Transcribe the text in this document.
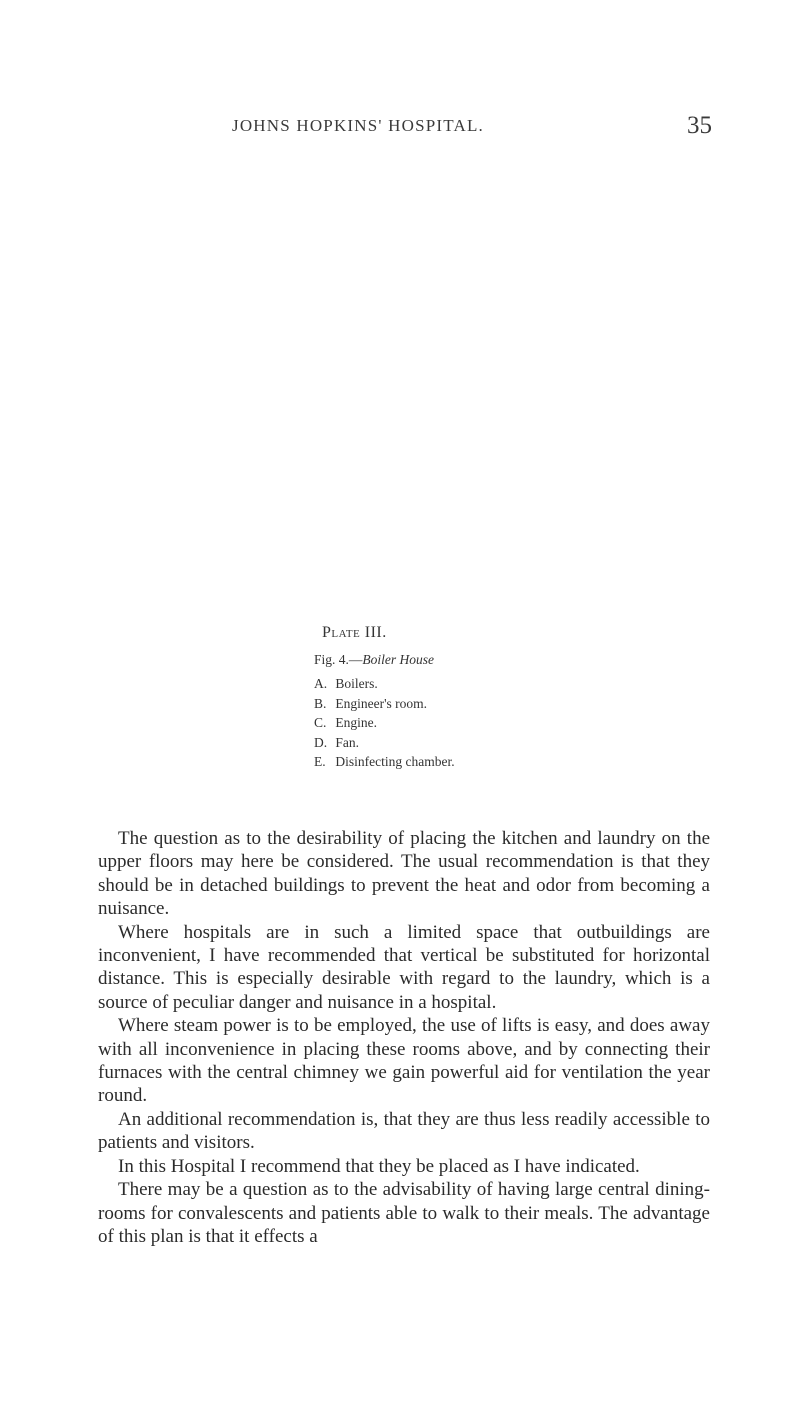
JOHNS HOPKINS' HOSPITAL.	35
Plate III.
Fig. 4.—Boiler House
A. Boilers.
B. Engineer's room.
C. Engine.
D. Fan.
E. Disinfecting chamber.

The question as to the desirability of placing the kitchen and laundry on the upper floors may here be considered. The usual recommendation is that they should be in detached buildings to prevent the heat and odor from becoming a nuisance.

Where hospitals are in such a limited space that outbuildings are inconvenient, I have recommended that vertical be substituted for horizontal distance. This is especially desirable with regard to the laundry, which is a source of peculiar danger and nuisance in a hospital.

Where steam power is to be employed, the use of lifts is easy, and does away with all inconvenience in placing these rooms above, and by connecting their furnaces with the central chimney we gain powerful aid for ventilation the year round.

An additional recommendation is, that they are thus less readily accessible to patients and visitors.

In this Hospital I recommend that they be placed as I have indicated.

There may be a question as to the advisability of having large central dining-rooms for convalescents and patients able to walk to their meals. The advantage of this plan is that it effects a
